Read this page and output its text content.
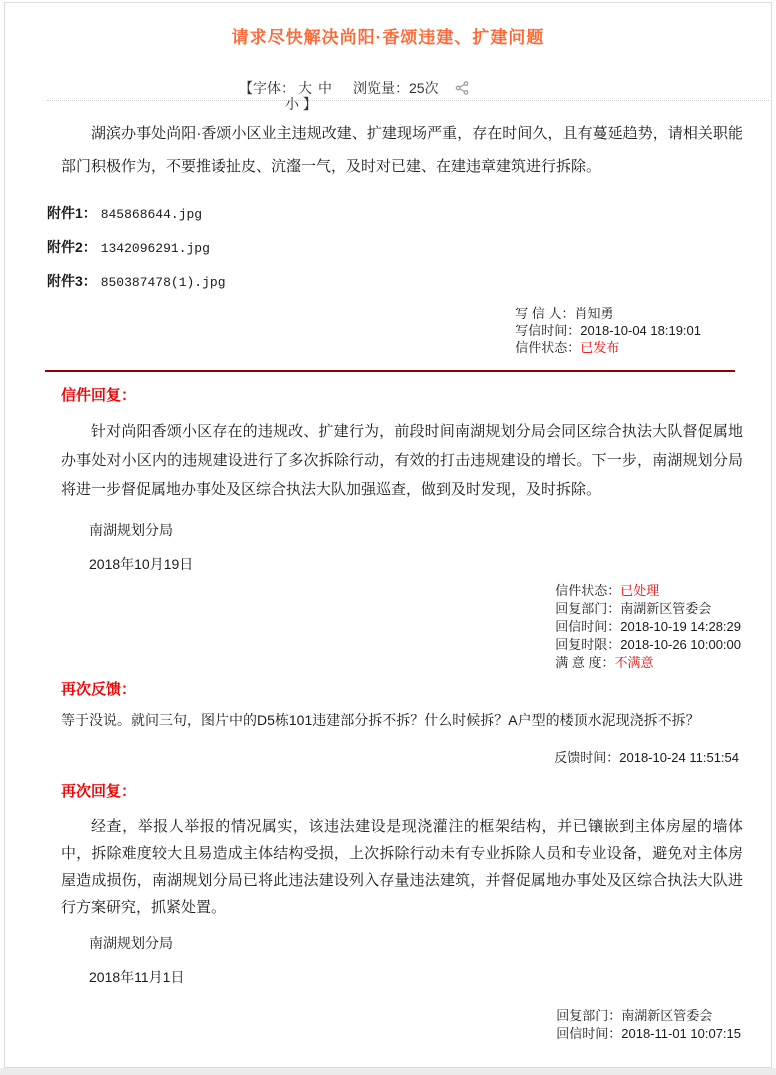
请求尽快解决尚阳·香颂违建、扩建问题
【字体： 大 中 浏览量：25次
小 】

湖滨办事处尚阳·香颂小区业主违规改建、扩建现场严重，存在时间久，且有蔓延趋势，请相关职能部门积极作为，不要推诿扯皮、沆瀣一气，及时对已建、在建违章建筑进行拆除。

附件1： 845868644.jpg
附件2： 1342096291.jpg
附件3： 850387478(1).jpg
写 信 人：肖知勇
写信时间：2018-10-04 18:19:01
信件状态：已发布
信件回复：

针对尚阳香颂小区存在的违规改、扩建行为，前段时间南湖规划分局会同区综合执法大队督促属地办事处对小区内的违规建设进行了多次拆除行动，有效的打击违规建设的增长。下一步，南湖规划分局将进一步督促属地办事处及区综合执法大队加强巡查，做到及时发现，及时拆除。

南湖规划分局
2018年10月19日
信件状态：已处理
回复部门：南湖新区管委会
回信时间：2018-10-19 14:28:29
回复时限：2018-10-26 10:00:00
满 意 度：不满意
再次反馈：

等于没说。就问三句，图片中的D5栋101违建部分拆不拆？什么时候拆？A户型的楼顶水泥现浇拆不拆？

反馈时间：2018-10-24 11:51:54
再次回复：

经查，举报人举报的情况属实，该违法建设是现浇灌注的框架结构，并已镶嵌到主体房屋的墙体中，拆除难度较大且易造成主体结构受损，上次拆除行动未有专业拆除人员和专业设备，避免对主体房屋造成损伤，南湖规划分局已将此违法建设列入存量违法建筑，并督促属地办事处及区综合执法大队进行方案研究，抓紧处置。

南湖规划分局
2018年11月1日
回复部门：南湖新区管委会
回信时间：2018-11-01 10:07:15
